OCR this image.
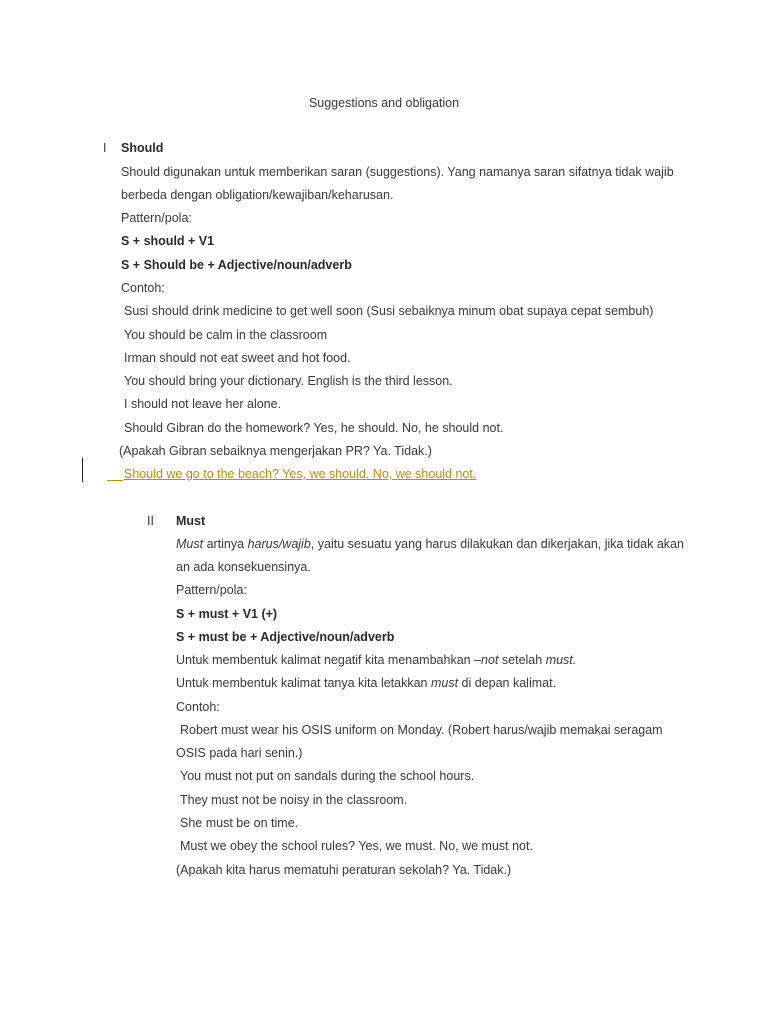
Suggestions and obligation
I Should
Should digunakan untuk memberikan saran (suggestions). Yang namanya saran sifatnya tidak wajib
berbeda dengan obligation/kewajiban/keharusan.
Pattern/pola:
S + should + V1
S + Should be + Adjective/noun/adverb
Contoh:
Susi should drink medicine to get well soon (Susi sebaiknya minum obat supaya cepat sembuh)
You should be calm in the classroom
Irman should not eat sweet and hot food.
You should bring your dictionary. English is the third lesson.
I should not leave her alone.
Should Gibran do the homework? Yes, he should. No, he should not.
(Apakah Gibran sebaiknya mengerjakan PR? Ya. Tidak.)
Should we go to the beach? Yes, we should. No, we should not.
II Must
Must artinya harus/wajib, yaitu sesuatu yang harus dilakukan dan dikerjakan, jika tidak akan
an ada konsekuensinya.
Pattern/pola:
S + must + V1 (+)
S + must be + Adjective/noun/adverb
Untuk membentuk kalimat negatif kita menambahkan –not setelah must.
Untuk membentuk kalimat tanya kita letakkan must di depan kalimat.
Contoh:
Robert must wear his OSIS uniform on Monday. (Robert harus/wajib memakai seragam
OSIS pada hari senin.)
You must not put on sandals during the school hours.
They must not be noisy in the classroom.
She must be on time.
Must we obey the school rules? Yes, we must. No, we must not.
(Apakah kita harus mematuhi peraturan sekolah? Ya. Tidak.)
